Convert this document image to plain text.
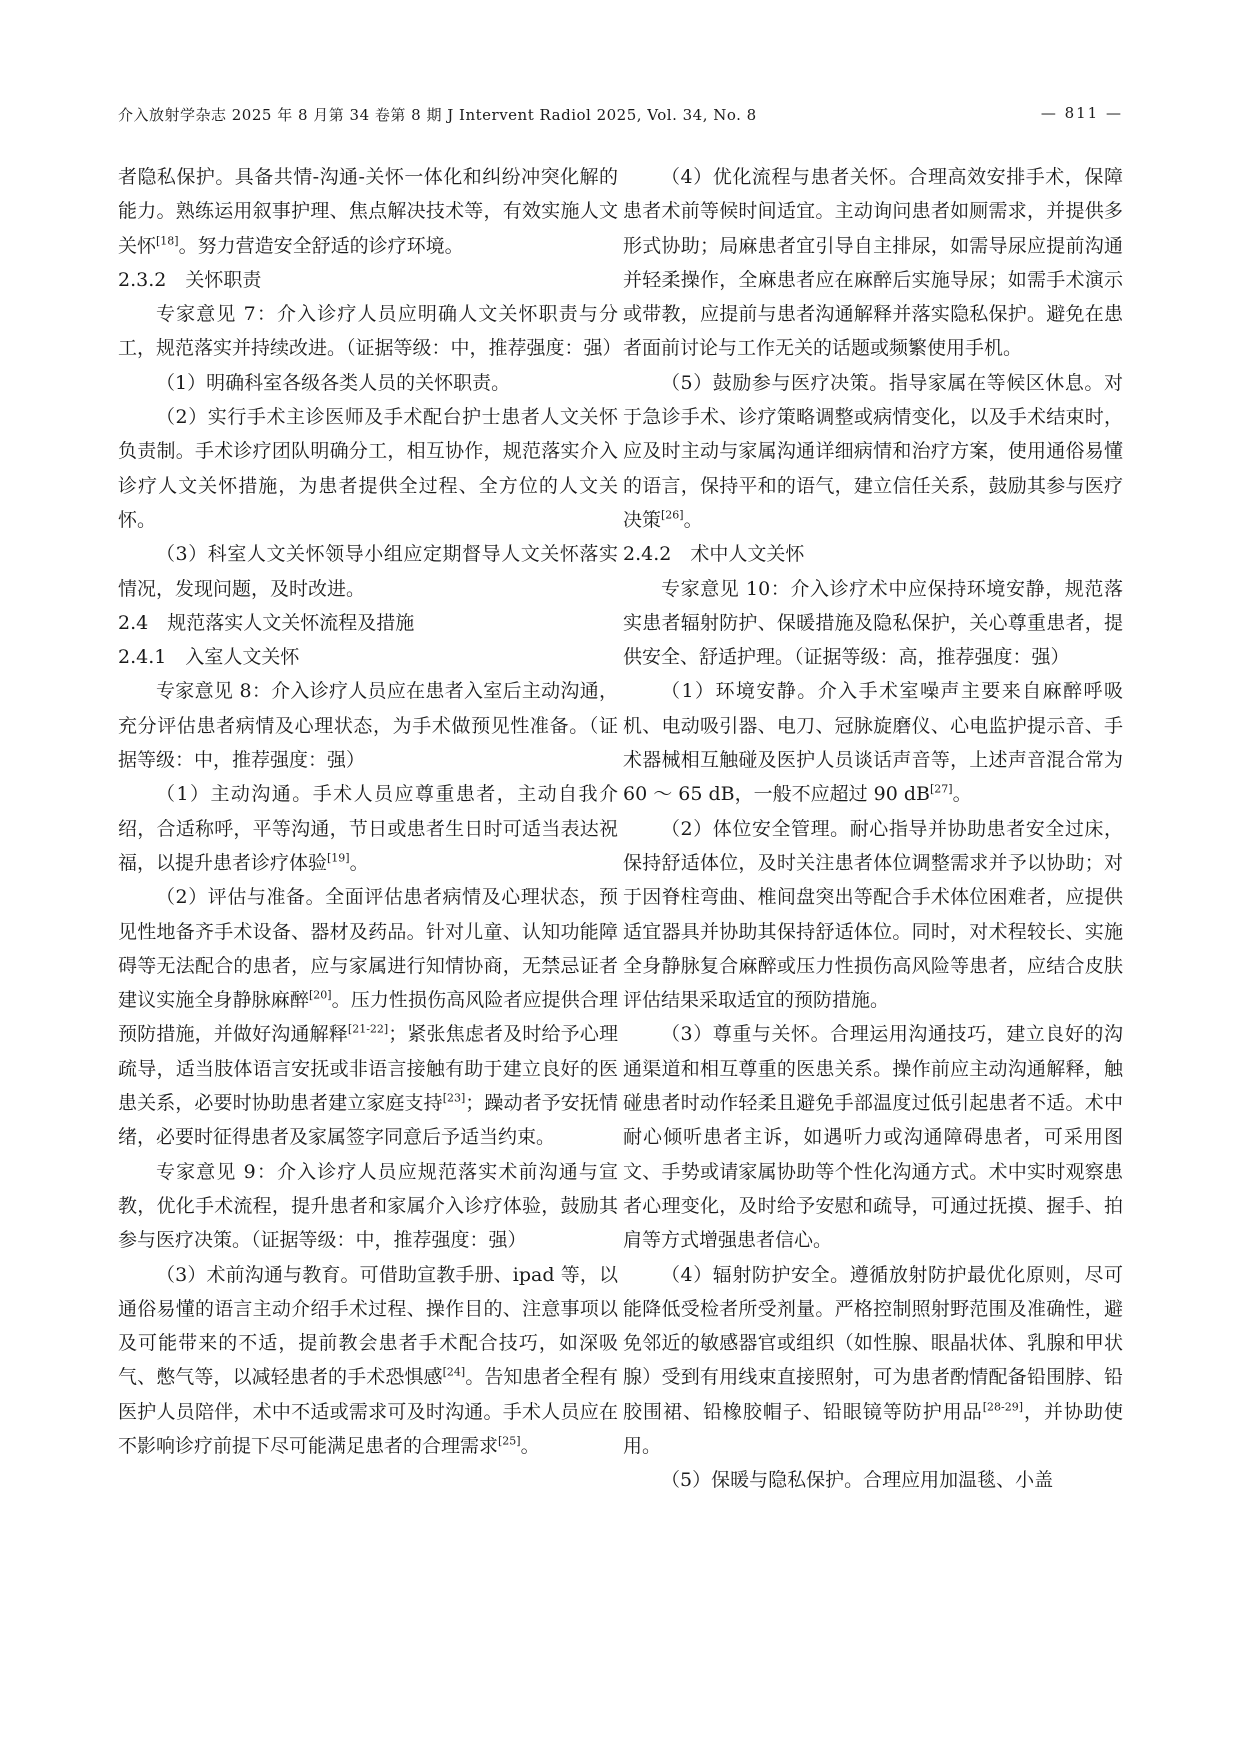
介入放射学杂志 2025 年 8 月第 34 卷第 8 期 J Intervent Radiol 2025, Vol. 34, No. 8	— 811 —

者隐私保护。具备共情-沟通-关怀一体化和纠纷冲突化解的能力。熟练运用叙事护理、焦点解决技术等，有效实施人文关怀[18]。努力营造安全舒适的诊疗环境。

2.3.2 关怀职责

专家意见 7：介入诊疗人员应明确人文关怀职责与分工，规范落实并持续改进。（证据等级：中，推荐强度：强）

（1）明确科室各级各类人员的关怀职责。

（2）实行手术主诊医师及手术配台护士患者人文关怀负责制。手术诊疗团队明确分工，相互协作，规范落实介入诊疗人文关怀措施，为患者提供全过程、全方位的人文关怀。

（3）科室人文关怀领导小组应定期督导人文关怀落实情况，发现问题，及时改进。

2.4 规范落实人文关怀流程及措施

2.4.1 入室人文关怀

专家意见 8：介入诊疗人员应在患者入室后主动沟通，充分评估患者病情及心理状态，为手术做预见性准备。（证据等级：中，推荐强度：强）

（1）主动沟通。手术人员应尊重患者，主动自我介绍，合适称呼，平等沟通，节日或患者生日时可适当表达祝福，以提升患者诊疗体验[19]。

（2）评估与准备。全面评估患者病情及心理状态，预见性地备齐手术设备、器材及药品。针对儿童、认知功能障碍等无法配合的患者，应与家属进行知情协商，无禁忌证者建议实施全身静脉麻醉[20]。压力性损伤高风险者应提供合理预防措施，并做好沟通解释[21-22]；紧张焦虑者及时给予心理疏导，适当肢体语言安抚或非语言接触有助于建立良好的医患关系，必要时协助患者建立家庭支持[23]；躁动者予安抚情绪，必要时征得患者及家属签字同意后予适当约束。

专家意见 9：介入诊疗人员应规范落实术前沟通与宣教，优化手术流程，提升患者和家属介入诊疗体验，鼓励其参与医疗决策。（证据等级：中，推荐强度：强）

（3）术前沟通与教育。可借助宣教手册、ipad 等，以通俗易懂的语言主动介绍手术过程、操作目的、注意事项以及可能带来的不适，提前教会患者手术配合技巧，如深吸气、憋气等，以减轻患者的手术恐惧感[24]。告知患者全程有医护人员陪伴，术中不适或需求可及时沟通。手术人员应在不影响诊疗前提下尽可能满足患者的合理需求[25]。

（4）优化流程与患者关怀。合理高效安排手术，保障患者术前等候时间适宜。主动询问患者如厕需求，并提供多形式协助；局麻患者宜引导自主排尿，如需导尿应提前沟通并轻柔操作，全麻患者应在麻醉后实施导尿；如需手术演示或带教，应提前与患者沟通解释并落实隐私保护。避免在患者面前讨论与工作无关的话题或频繁使用手机。

（5）鼓励参与医疗决策。指导家属在等候区休息。对于急诊手术、诊疗策略调整或病情变化，以及手术结束时，应及时主动与家属沟通详细病情和治疗方案，使用通俗易懂的语言，保持平和的语气，建立信任关系，鼓励其参与医疗决策[26]。

2.4.2 术中人文关怀

专家意见 10：介入诊疗术中应保持环境安静，规范落实患者辐射防护、保暖措施及隐私保护，关心尊重患者，提供安全、舒适护理。（证据等级：高，推荐强度：强）

（1）环境安静。介入手术室噪声主要来自麻醉呼吸机、电动吸引器、电刀、冠脉旋磨仪、心电监护提示音、手术器械相互触碰及医护人员谈话声音等，上述声音混合常为 60 ～ 65 dB，一般不应超过 90 dB[27]。

（2）体位安全管理。耐心指导并协助患者安全过床，保持舒适体位，及时关注患者体位调整需求并予以协助；对于因脊柱弯曲、椎间盘突出等配合手术体位困难者，应提供适宜器具并协助其保持舒适体位。同时，对术程较长、实施全身静脉复合麻醉或压力性损伤高风险等患者，应结合皮肤评估结果采取适宜的预防措施。

（3）尊重与关怀。合理运用沟通技巧，建立良好的沟通渠道和相互尊重的医患关系。操作前应主动沟通解释，触碰患者时动作轻柔且避免手部温度过低引起患者不适。术中耐心倾听患者主诉，如遇听力或沟通障碍患者，可采用图文、手势或请家属协助等个性化沟通方式。术中实时观察患者心理变化，及时给予安慰和疏导，可通过抚摸、握手、拍肩等方式增强患者信心。

（4）辐射防护安全。遵循放射防护最优化原则，尽可能降低受检者所受剂量。严格控制照射野范围及准确性，避免邻近的敏感器官或组织（如性腺、眼晶状体、乳腺和甲状腺）受到有用线束直接照射，可为患者酌情配备铅围脖、铅胶围裙、铅橡胶帽子、铅眼镜等防护用品[28-29]，并协助使用。

（5）保暖与隐私保护。合理应用加温毯、小盖
